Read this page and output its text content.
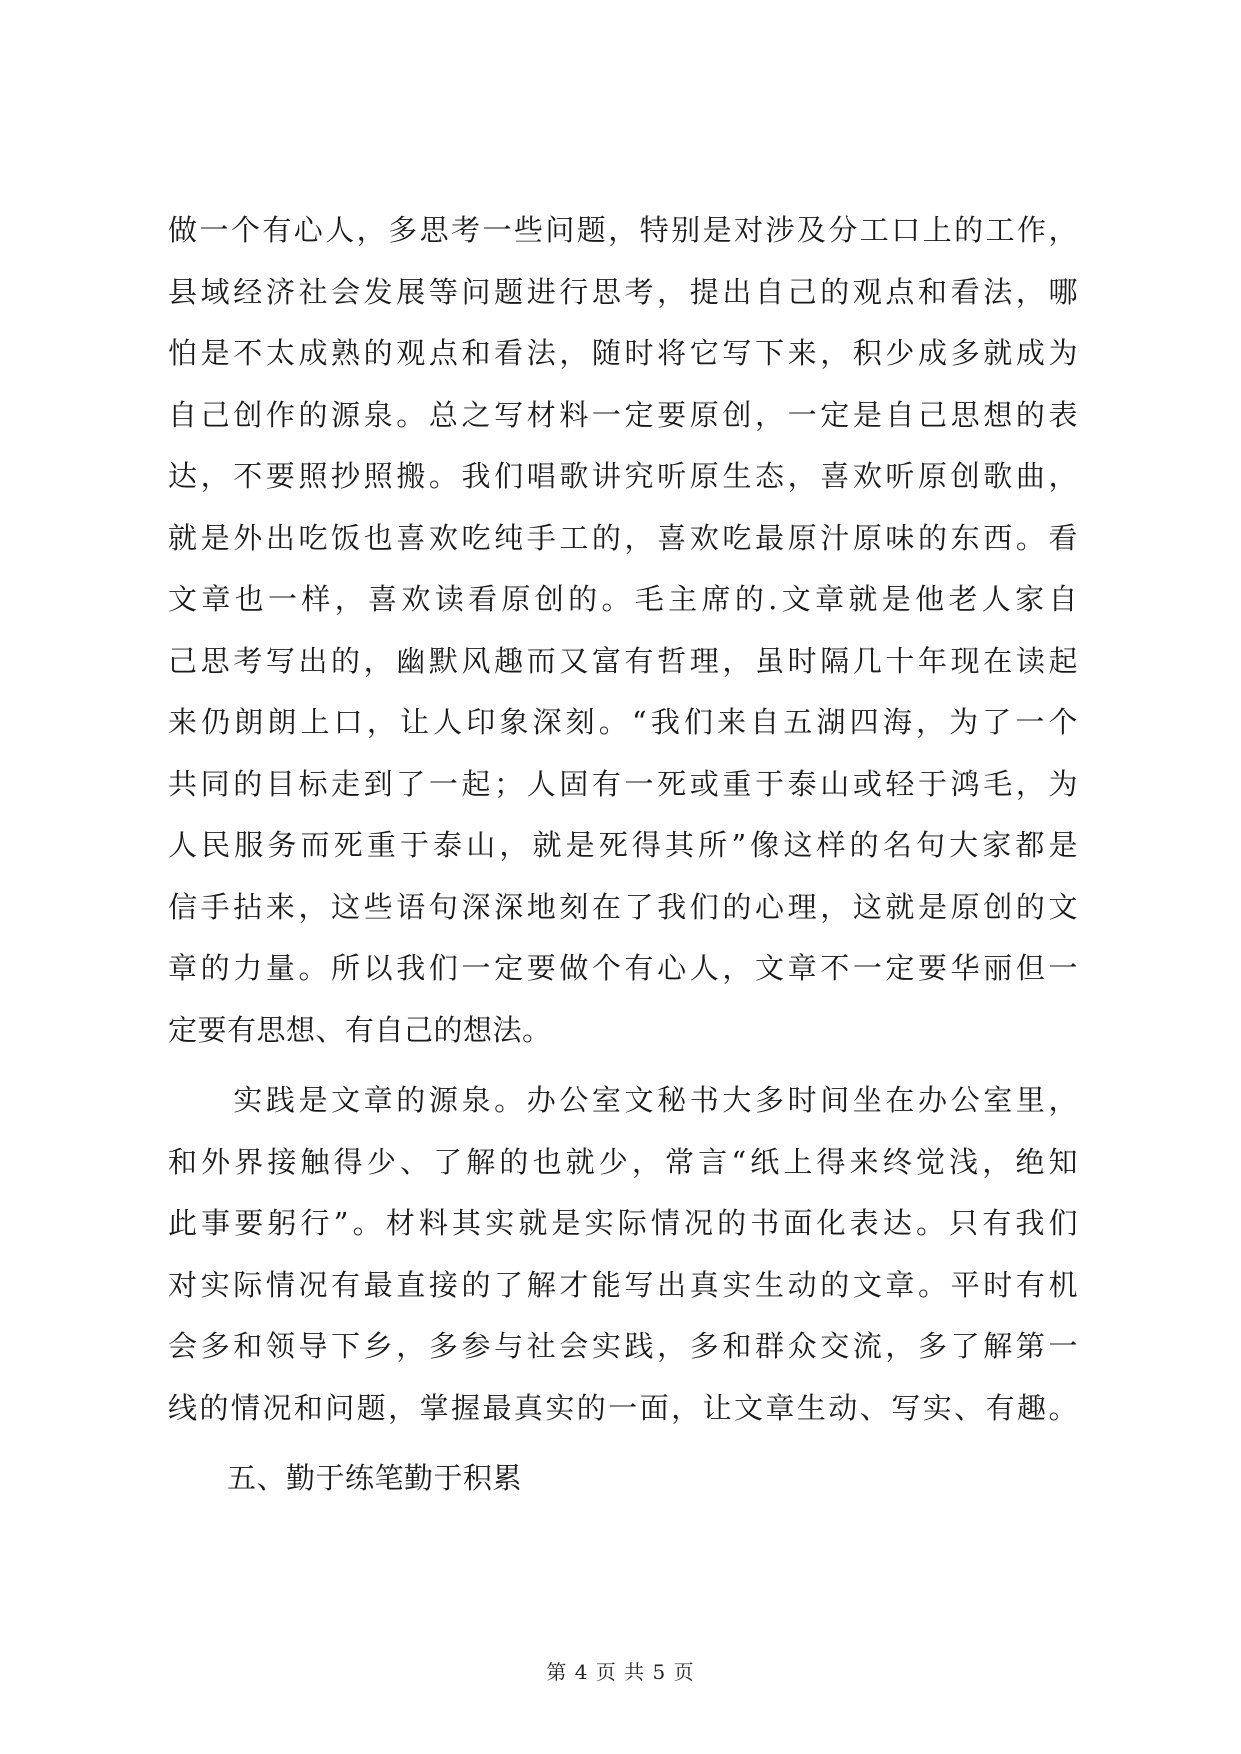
做一个有心人，多思考一些问题，特别是对涉及分工口上的工作，
县域经济社会发展等问题进行思考，提出自己的观点和看法，哪
怕是不太成熟的观点和看法，随时将它写下来，积少成多就成为
自己创作的源泉。总之写材料一定要原创，一定是自己思想的表
达，不要照抄照搬。我们唱歌讲究听原生态，喜欢听原创歌曲，
就是外出吃饭也喜欢吃纯手工的，喜欢吃最原汁原味的东西。看
文章也一样，喜欢读看原创的。毛主席的.文章就是他老人家自
己思考写出的，幽默风趣而又富有哲理，虽时隔几十年现在读起
来仍朗朗上口，让人印象深刻。“我们来自五湖四海，为了一个
共同的目标走到了一起；人固有一死或重于泰山或轻于鸿毛，为
人民服务而死重于泰山，就是死得其所”像这样的名句大家都是
信手拈来，这些语句深深地刻在了我们的心理，这就是原创的文
章的力量。所以我们一定要做个有心人，文章不一定要华丽但一
定要有思想、有自己的想法。
　　实践是文章的源泉。办公室文秘书大多时间坐在办公室里，
和外界接触得少、了解的也就少，常言“纸上得来终觉浅，绝知
此事要躬行”。材料其实就是实际情况的书面化表达。只有我们
对实际情况有最直接的了解才能写出真实生动的文章。平时有机
会多和领导下乡，多参与社会实践，多和群众交流，多了解第一
线的情况和问题，掌握最真实的一面，让文章生动、写实、有趣。
　　五、勤于练笔勤于积累
第 4 页 共 5 页
